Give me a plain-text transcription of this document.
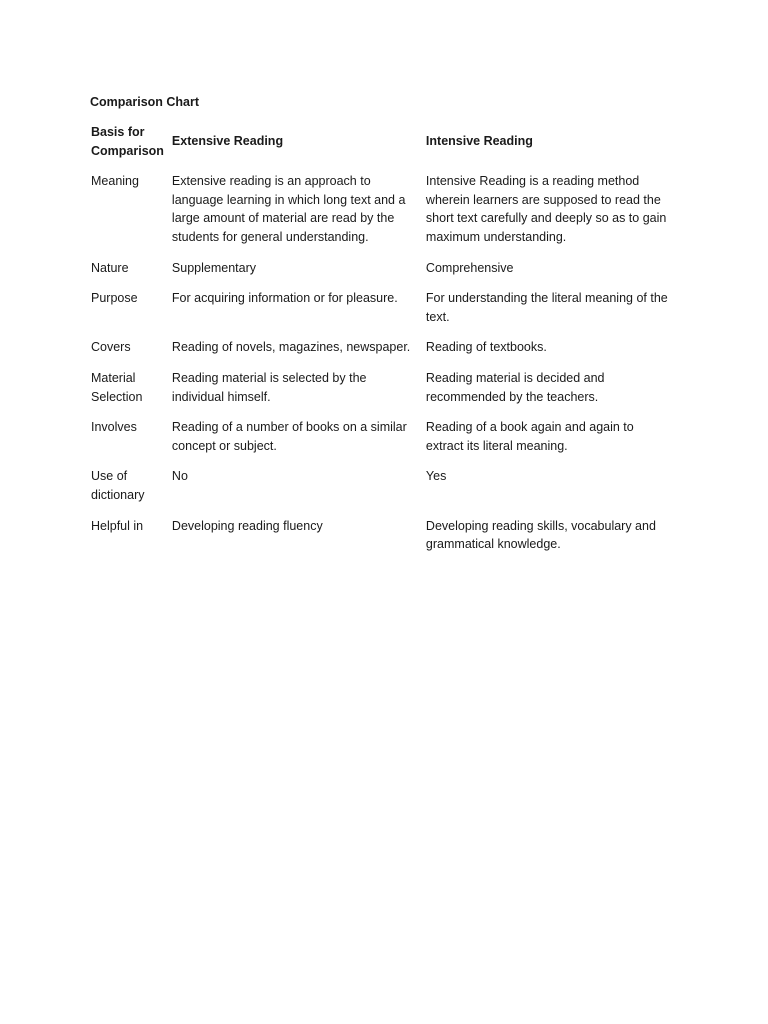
Comparison Chart
Basis for Comparison	Extensive Reading	Intensive Reading
Meaning	Extensive reading is an approach to language learning in which long text and a large amount of material are read by the students for general understanding.	Intensive Reading is a reading method wherein learners are supposed to read the short text carefully and deeply so as to gain maximum understanding.
Nature	Supplementary	Comprehensive
Purpose	For acquiring information or for pleasure.	For understanding the literal meaning of the text.
Covers	Reading of novels, magazines, newspaper.	Reading of textbooks.
Material Selection	Reading material is selected by the individual himself.	Reading material is decided and recommended by the teachers.
Involves	Reading of a number of books on a similar concept or subject.	Reading of a book again and again to extract its literal meaning.
Use of dictionary	No	Yes
Helpful in	Developing reading fluency	Developing reading skills, vocabulary and grammatical knowledge.
